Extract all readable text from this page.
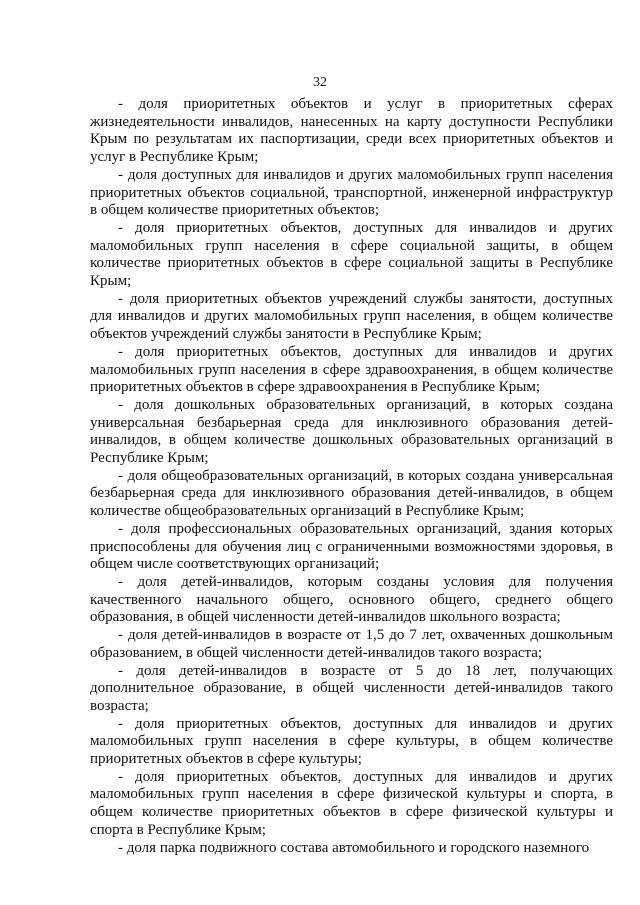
32

- доля приоритетных объектов и услуг в приоритетных сферах жизнедеятельности инвалидов, нанесенных на карту доступности Республики Крым по результатам их паспортизации, среди всех приоритетных объектов и услуг в Республике Крым;

- доля доступных для инвалидов и других маломобильных групп населения приоритетных объектов социальной, транспортной, инженерной инфраструктур в общем количестве приоритетных объектов;

- доля приоритетных объектов, доступных для инвалидов и других маломобильных групп населения в сфере социальной защиты, в общем количестве приоритетных объектов в сфере социальной защиты в Республике Крым;

- доля приоритетных объектов учреждений службы занятости, доступных для инвалидов и других маломобильных групп населения, в общем количестве объектов учреждений службы занятости в Республике Крым;

- доля приоритетных объектов, доступных для инвалидов и других маломобильных групп населения в сфере здравоохранения, в общем количестве приоритетных объектов в сфере здравоохранения в Республике Крым;

- доля дошкольных образовательных организаций, в которых создана универсальная безбарьерная среда для инклюзивного образования детей-инвалидов, в общем количестве дошкольных образовательных организаций в Республике Крым;

- доля общеобразовательных организаций, в которых создана универсальная безбарьерная среда для инклюзивного образования детей-инвалидов, в общем количестве общеобразовательных организаций в Республике Крым;

- доля профессиональных образовательных организаций, здания которых приспособлены для обучения лиц с ограниченными возможностями здоровья, в общем числе соответствующих организаций;

- доля детей-инвалидов, которым созданы условия для получения качественного начального общего, основного общего, среднего общего образования, в общей численности детей-инвалидов школьного возраста;

- доля детей-инвалидов в возрасте от 1,5 до 7 лет, охваченных дошкольным образованием, в общей численности детей-инвалидов такого возраста;

- доля детей-инвалидов в возрасте от 5 до 18 лет, получающих дополнительное образование, в общей численности детей-инвалидов такого возраста;

- доля приоритетных объектов, доступных для инвалидов и других маломобильных групп населения в сфере культуры, в общем количестве приоритетных объектов в сфере культуры;

- доля приоритетных объектов, доступных для инвалидов и других маломобильных групп населения в сфере физической культуры и спорта, в общем количестве приоритетных объектов в сфере физической культуры и спорта в Республике Крым;

- доля парка подвижного состава автомобильного и городского наземного
